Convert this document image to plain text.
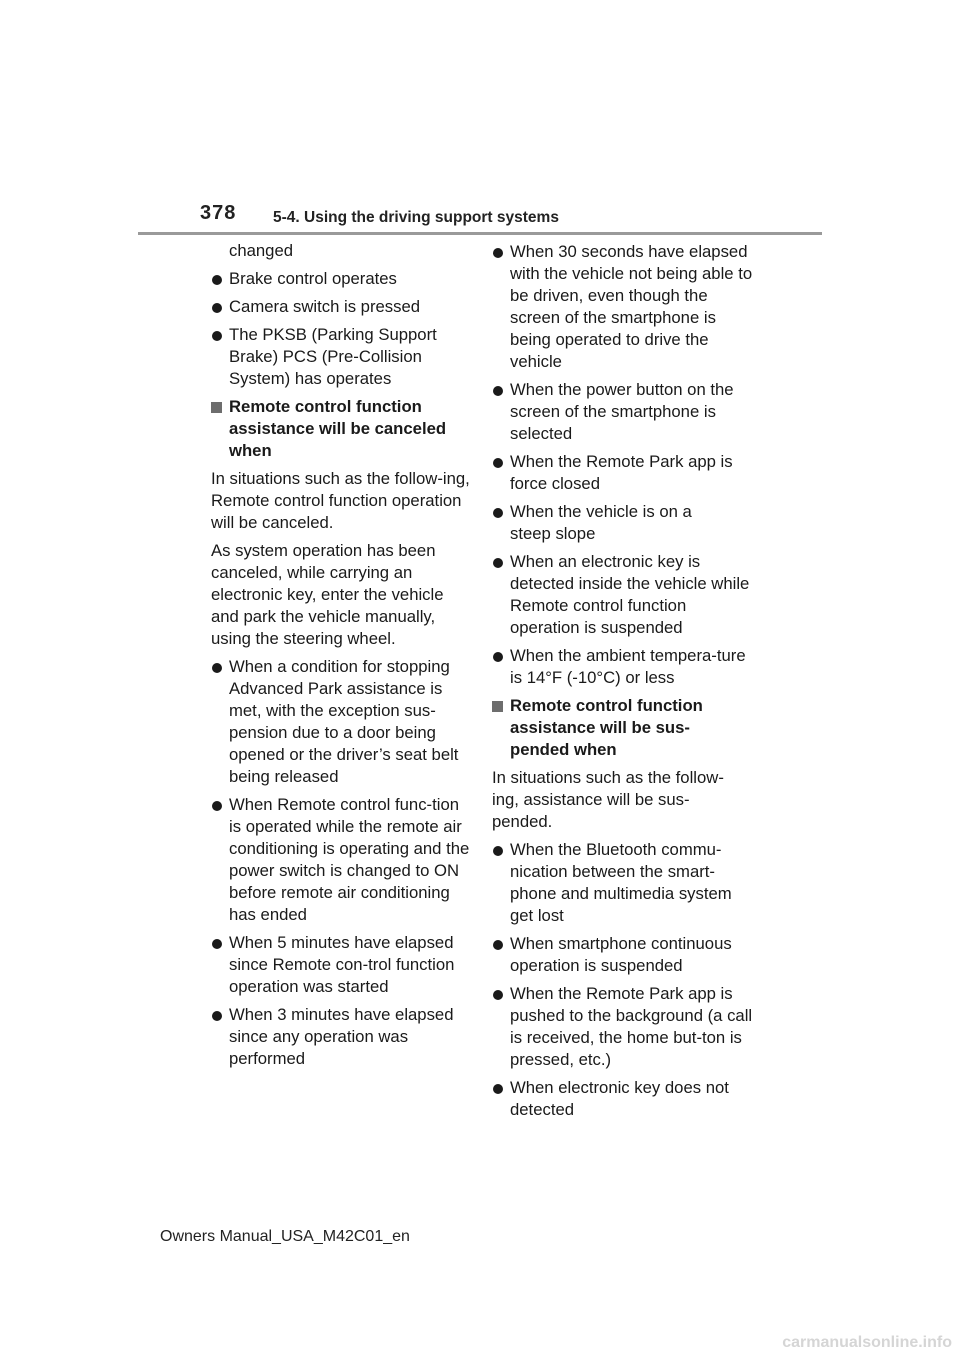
378 5-4. Using the driving support systems
changed
Brake control operates
Camera switch is pressed
The PKSB (Parking Support Brake) PCS (Pre-Collision System) has operates
Remote control function assistance will be canceled when

In situations such as the follow-ing, Remote control function operation will be canceled.

As system operation has been canceled, while carrying an electronic key, enter the vehicle and park the vehicle manually, using the steering wheel.

When a condition for stopping Advanced Park assistance is met, with the exception sus-pension due to a door being opened or the driver’s seat belt being released
When Remote control func-tion is operated while the remote air conditioning is operating and the power switch is changed to ON before remote air conditioning has ended
When 5 minutes have elapsed since Remote con-trol function operation was started
When 3 minutes have elapsed since any operation was performed
When 30 seconds have elapsed with the vehicle not being able to be driven, even though the screen of the smartphone is being operated to drive the vehicle
When the power button on the screen of the smartphone is selected
When the Remote Park app is force closed
When the vehicle is on a steep slope
When an electronic key is detected inside the vehicle while Remote control function operation is suspended
When the ambient tempera-ture is 14°F (-10°C) or less
Remote control function assistance will be sus-pended when

In situations such as the follow-ing, assistance will be sus-pended.

When the Bluetooth commu-nication between the smart-phone and multimedia system get lost
When smartphone continuous operation is suspended
When the Remote Park app is pushed to the background (a call is received, the home but-ton is pressed, etc.)
When electronic key does not detected
Owners Manual_USA_M42C01_en
carmanualsonline.info
